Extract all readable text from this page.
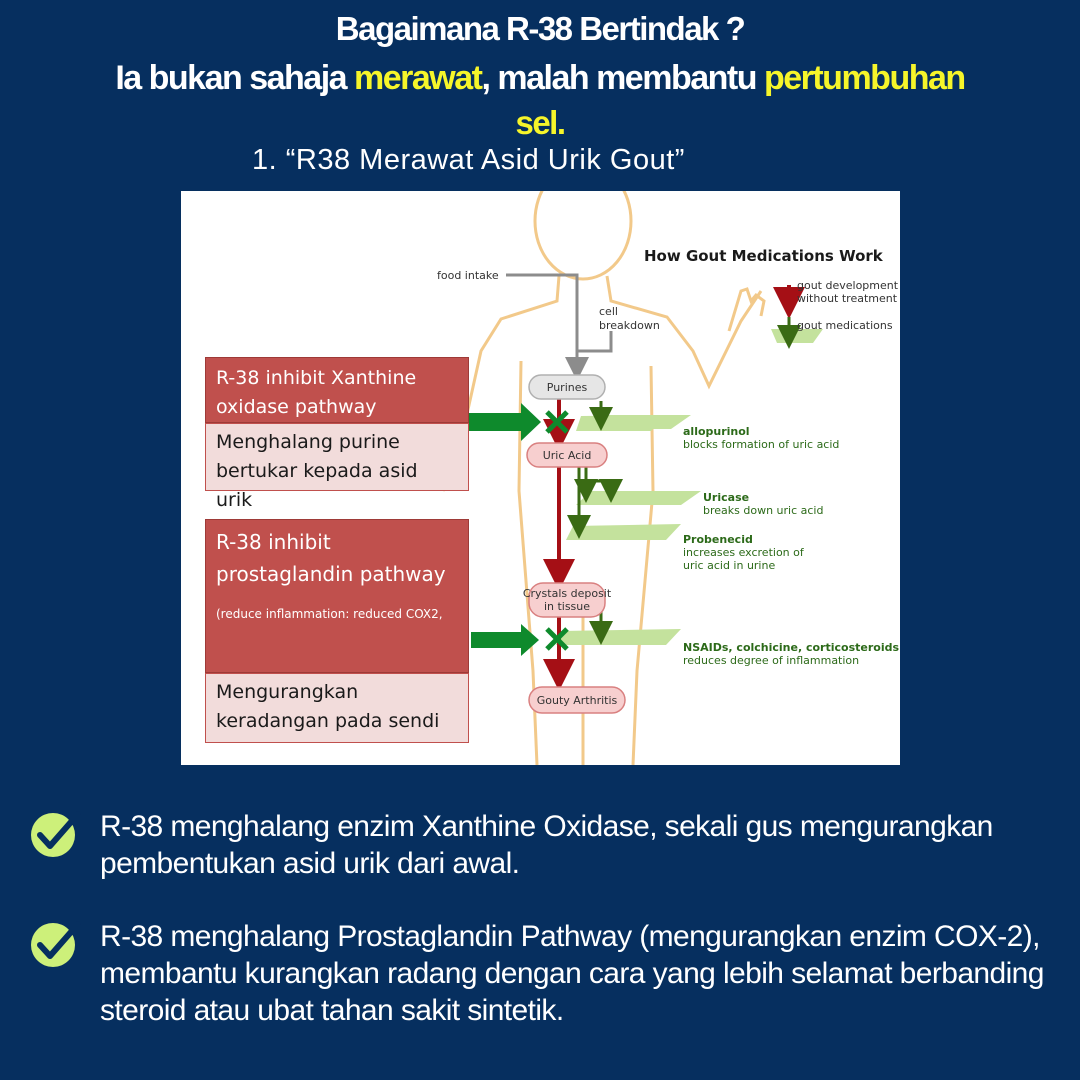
Bagaimana R-38 Bertindak ?
Ia bukan sahaja merawat, malah membantu pertumbuhan
sel.
1. “R38 Merawat Asid Urik Gout”
Purines
Uric Acid
Crystals deposit
in tissue
Gouty Arthritis
food intake
cell
breakdown
gout development
without treatment
gout medications
How Gout Medications Work
allopurinol
blocks formation of uric acid
Uricase
breaks down uric acid
Probenecid
increases excretion of
uric acid in urine
NSAIDs, colchicine, corticosteroids
reduces degree of inflammation
R-38 inhibit Xanthine oxidase pathway
Menghalang purine bertukar kepada asid urik
R-38 inhibit prostaglandin pathway
(reduce inflammation: reduced COX2,
Mengurangkan keradangan pada sendi
R-38 menghalang enzim Xanthine Oxidase, sekali gus mengurangkan pembentukan asid urik dari awal.
R-38 menghalang Prostaglandin Pathway (mengurangkan enzim COX-2), membantu kurangkan radang dengan cara yang lebih selamat berbanding steroid atau ubat tahan sakit sintetik.
